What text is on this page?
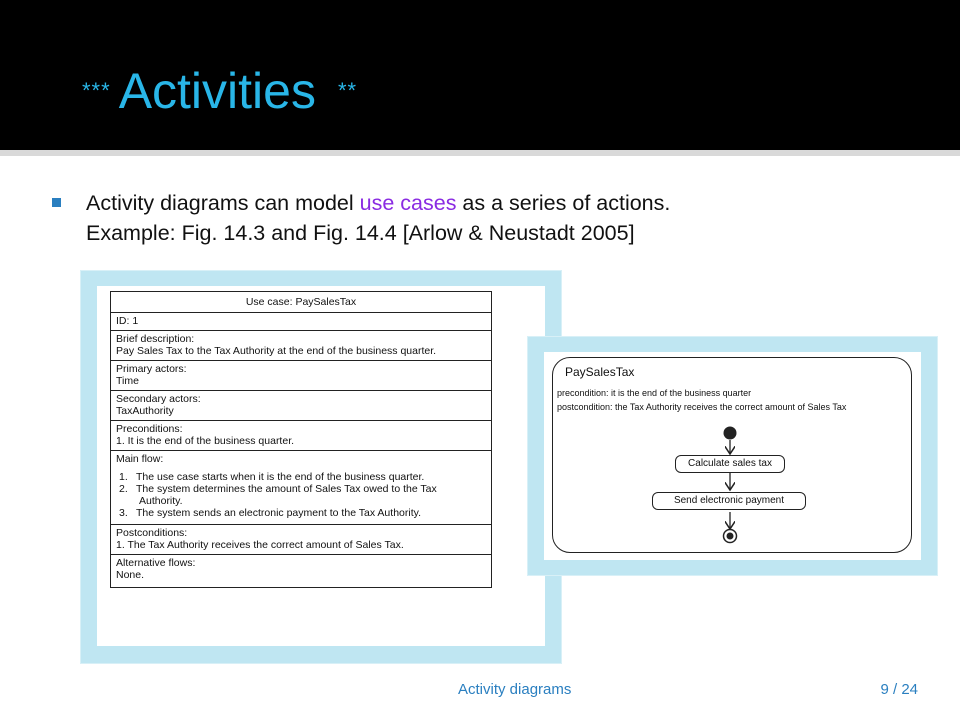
*** Activities **
Activity diagrams can model use cases as a series of actions.
Example: Fig. 14.3 and Fig. 14.4 [Arlow & Neustadt 2005]
Use case: PaySalesTax
ID: 1
Brief description:
Pay Sales Tax to the Tax Authority at the end of the business quarter.
Primary actors:
Time
Secondary actors:
TaxAuthority
Preconditions:
1. It is the end of the business quarter.
Main flow:
1. The use case starts when it is the end of the business quarter.
2. The system determines the amount of Sales Tax owed to the Tax
Authority.
3. The system sends an electronic payment to the Tax Authority.
Postconditions:
1. The Tax Authority receives the correct amount of Sales Tax.
Alternative flows:
None.
PaySalesTax
precondition: it is the end of the business quarter
postcondition: the Tax Authority receives the correct amount of Sales Tax
Calculate sales tax
Send electronic payment
Activity diagrams	9 / 24
